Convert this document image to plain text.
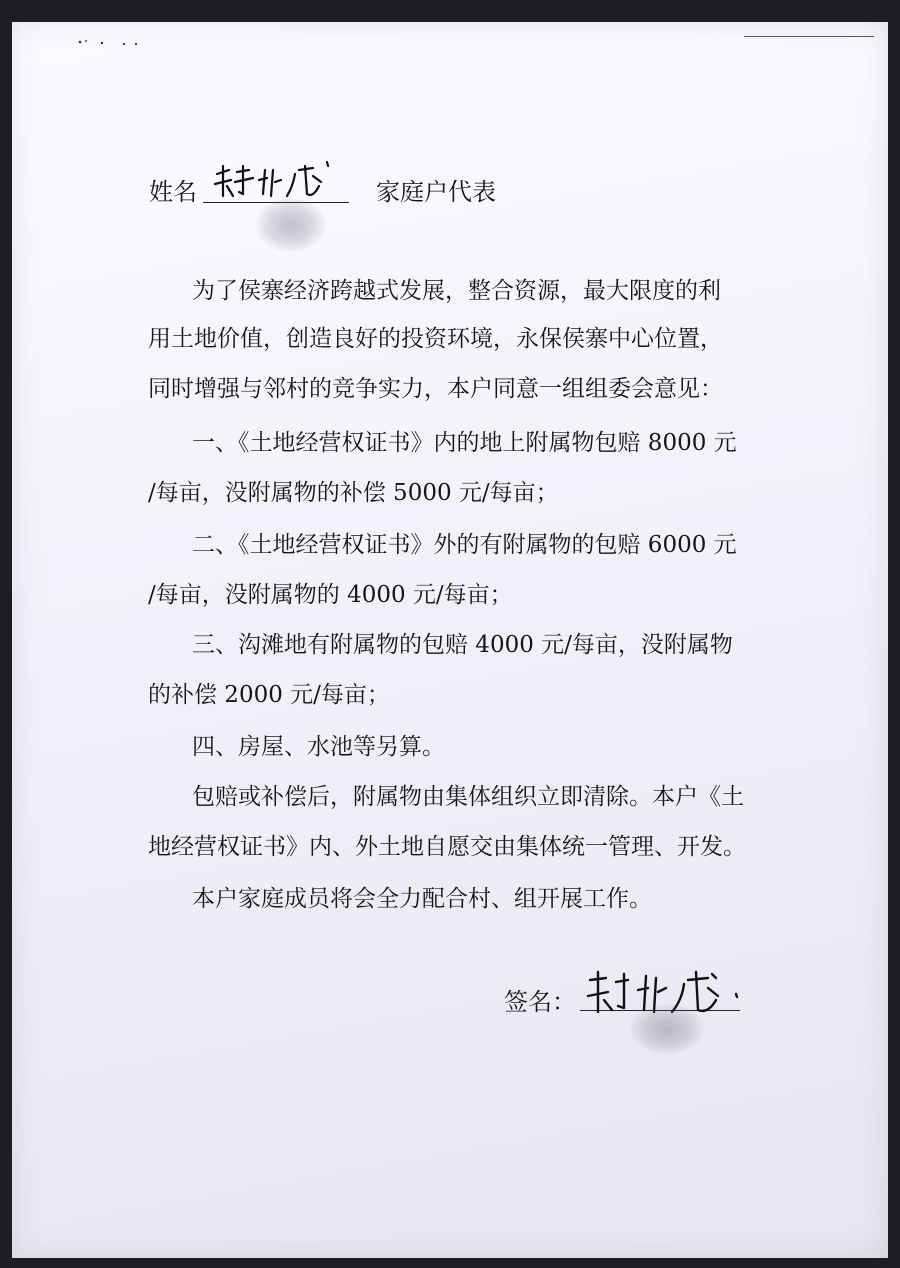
姓名	家庭户代表

为了侯寨经济跨越式发展，整合资源，最大限度的利

用土地价值，创造良好的投资环境，永保侯寨中心位置，

同时增强与邻村的竞争实力，本户同意一组组委会意见：

一、《土地经营权证书》内的地上附属物包赔 8000 元

/每亩，没附属物的补偿 5000 元/每亩；

二、《土地经营权证书》外的有附属物的包赔 6000 元

/每亩，没附属物的 4000 元/每亩；

三、沟滩地有附属物的包赔 4000 元/每亩，没附属物

的补偿 2000 元/每亩；

四、房屋、水池等另算。

包赔或补偿后，附属物由集体组织立即清除。本户《土

地经营权证书》内、外土地自愿交由集体统一管理、开发。

本户家庭成员将会全力配合村、组开展工作。

签名：
